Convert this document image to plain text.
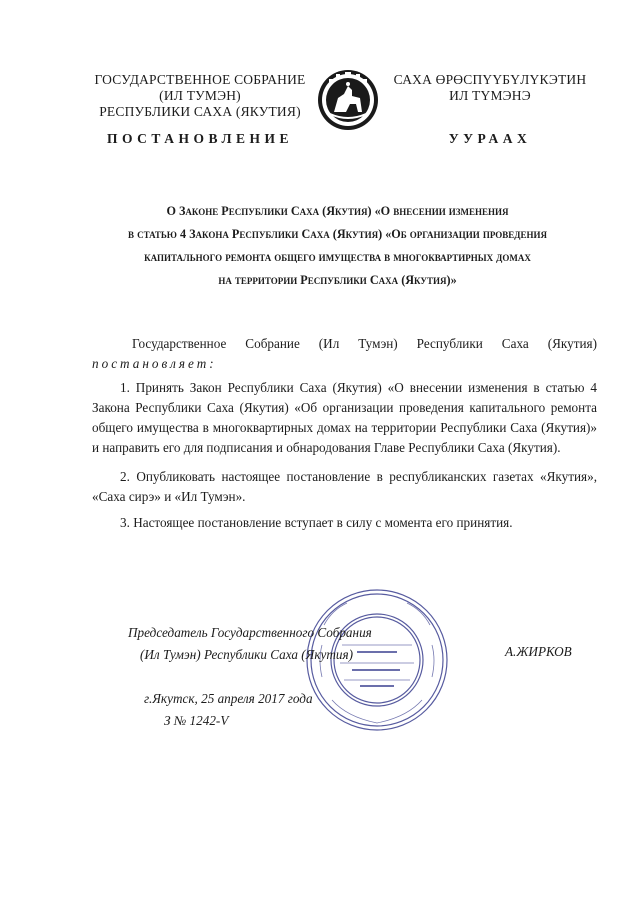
ГОСУДАРСТВЕННОЕ СОБРАНИЕ
(ИЛ ТУМЭН)
РЕСПУБЛИКИ САХА (ЯКУТИЯ)
САХА ӨРӨСПҮҮБҮЛҮКЭТИН
ИЛ ТҮМЭНЭ
ПОСТАНОВЛЕНИЕ	УУРААХ
О Законе Республики Саха (Якутия) «О внесении изменения
в статью 4 Закона Республики Саха (Якутия) «Об организации проведения
капитального ремонта общего имущества в многоквартирных домах
на территории Республики Саха (Якутия)»
Государственное Собрание (Ил Тумэн) Республики Саха (Якутия)
постановляет:
1. Принять Закон Республики Саха (Якутия) «О внесении изменения в статью 4 Закона Республики Саха (Якутия) «Об организации проведения капитального ремонта общего имущества в многоквартирных домах на территории Республики Саха (Якутия)» и направить его для подписания и обнародования Главе Республики Саха (Якутия).
2. Опубликовать настоящее постановление в республиканских газетах «Якутия», «Саха сирэ» и «Ил Тумэн».
3. Настоящее постановление вступает в силу с момента его принятия.
Председатель Государственного Собрания
(Ил Тумэн) Республики Саха (Якутия)	А.ЖИРКОВ
г.Якутск, 25 апреля 2017 года
З № 1242-V
